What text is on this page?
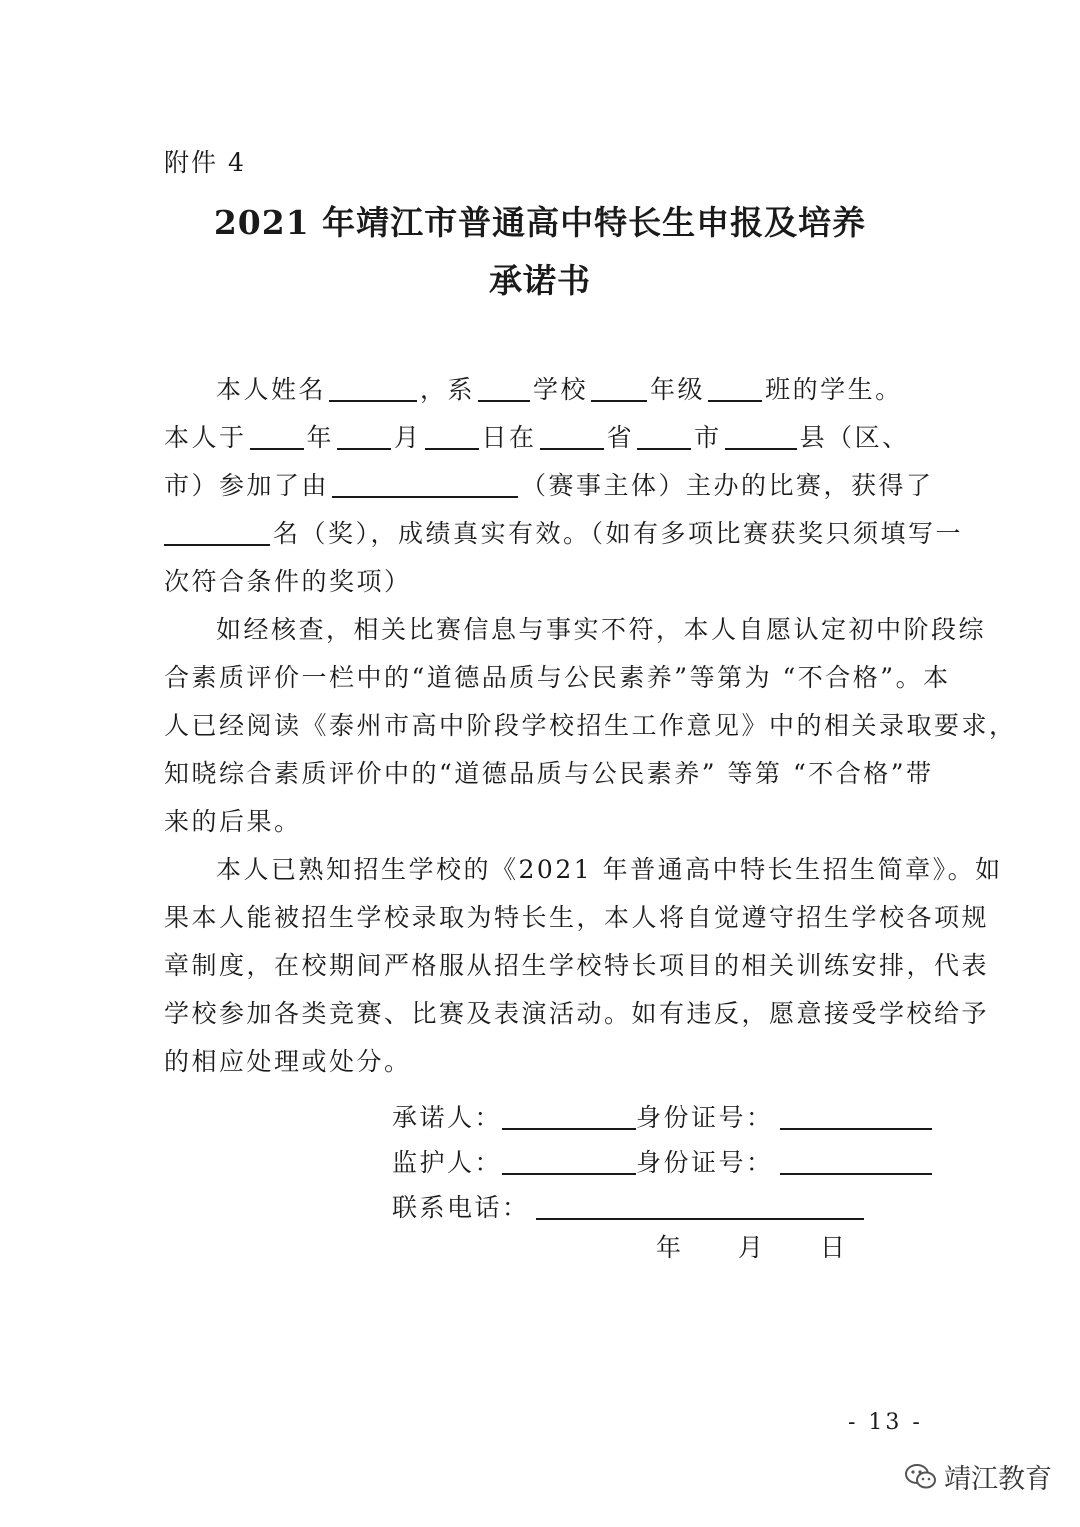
附件 4
2021 年靖江市普通高中特长生申报及培养
承诺书
本人姓名	，系 学校 年级 班的学生。
本人于 年 月 日在	省 市	县（区、
市）参加了由	（赛事主体）主办的比赛，获得了
名（奖），成绩真实有效。（如有多项比赛获奖只须填写一
次符合条件的奖项）
如经核查，相关比赛信息与事实不符，本人自愿认定初中阶段综
合素质评价一栏中的“道德品质与公民素养”等第为 “不合格”。本
人已经阅读《泰州市高中阶段学校招生工作意见》中的相关录取要求，
知晓综合素质评价中的“道德品质与公民素养” 等第 “不合格”带
来的后果。
本人已熟知招生学校的《2021 年普通高中特长生招生简章》。如
果本人能被招生学校录取为特长生，本人将自觉遵守招生学校各项规
章制度，在校期间严格服从招生学校特长项目的相关训练安排，代表
学校参加各类竞赛、比赛及表演活动。如有违反，愿意接受学校给予
的相应处理或处分。
承诺人：	身份证号：
监护人：	身份证号：
联系电话：
年 月 日
- 13 -
靖江教育
